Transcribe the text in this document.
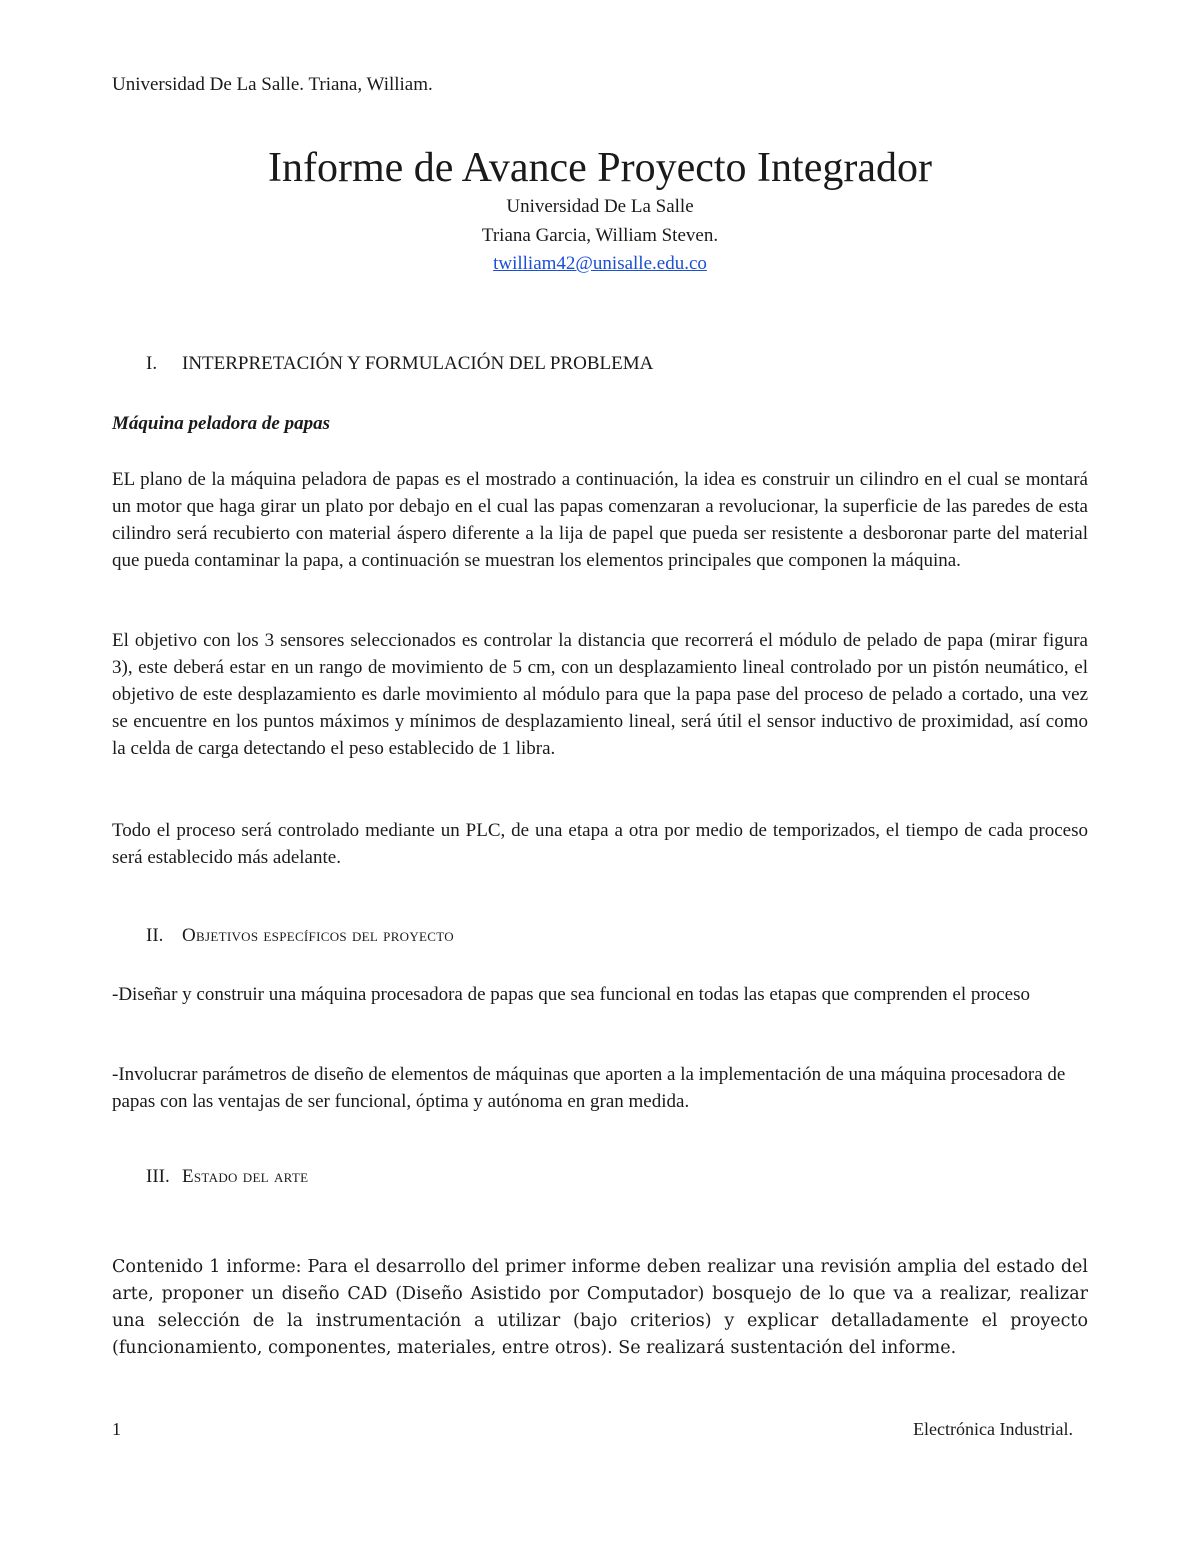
Universidad De La Salle. Triana, William.
Informe de Avance Proyecto Integrador
Universidad De La Salle
Triana Garcia, William Steven.
twilliam42@unisalle.edu.co
I. INTERPRETACIÓN Y FORMULACIÓN DEL PROBLEMA
Máquina peladora de papas
EL plano de la máquina peladora de papas es el mostrado a continuación, la idea es construir un cilindro en el cual se montará un motor que haga girar un plato por debajo en el cual las papas comenzaran a revolucionar, la superficie de las paredes de esta cilindro será recubierto con material áspero diferente a la lija de papel que pueda ser resistente a desboronar parte del material que pueda contaminar la papa, a continuación se muestran los elementos principales que componen la máquina.
El objetivo con los 3 sensores seleccionados es controlar la distancia que recorrerá el módulo de pelado de papa (mirar figura 3), este deberá estar en un rango de movimiento de 5 cm, con un desplazamiento lineal controlado por un pistón neumático, el objetivo de este desplazamiento es darle movimiento al módulo para que la papa pase del proceso de pelado a cortado, una vez se encuentre en los puntos máximos y mínimos de desplazamiento lineal, será útil el sensor inductivo de proximidad, así como la celda de carga detectando el peso establecido de 1 libra.
Todo el proceso será controlado mediante un PLC, de una etapa a otra por medio de temporizados, el tiempo de cada proceso será establecido más adelante.
II. Objetivos específicos del proyecto
-Diseñar y construir una máquina procesadora de papas que sea funcional en todas las etapas que comprenden el proceso
-Involucrar parámetros de diseño de elementos de máquinas que aporten a la implementación de una máquina procesadora de papas con las ventajas de ser funcional, óptima y autónoma en gran medida.
III. Estado del arte
Contenido 1 informe: Para el desarrollo del primer informe deben realizar una revisión amplia del estado del arte, proponer un diseño CAD (Diseño Asistido por Computador) bosquejo de lo que va a realizar, realizar una selección de la instrumentación a utilizar (bajo criterios) y explicar detalladamente el proyecto (funcionamiento, componentes, materiales, entre otros). Se realizará sustentación del informe.
1	Electrónica Industrial.
